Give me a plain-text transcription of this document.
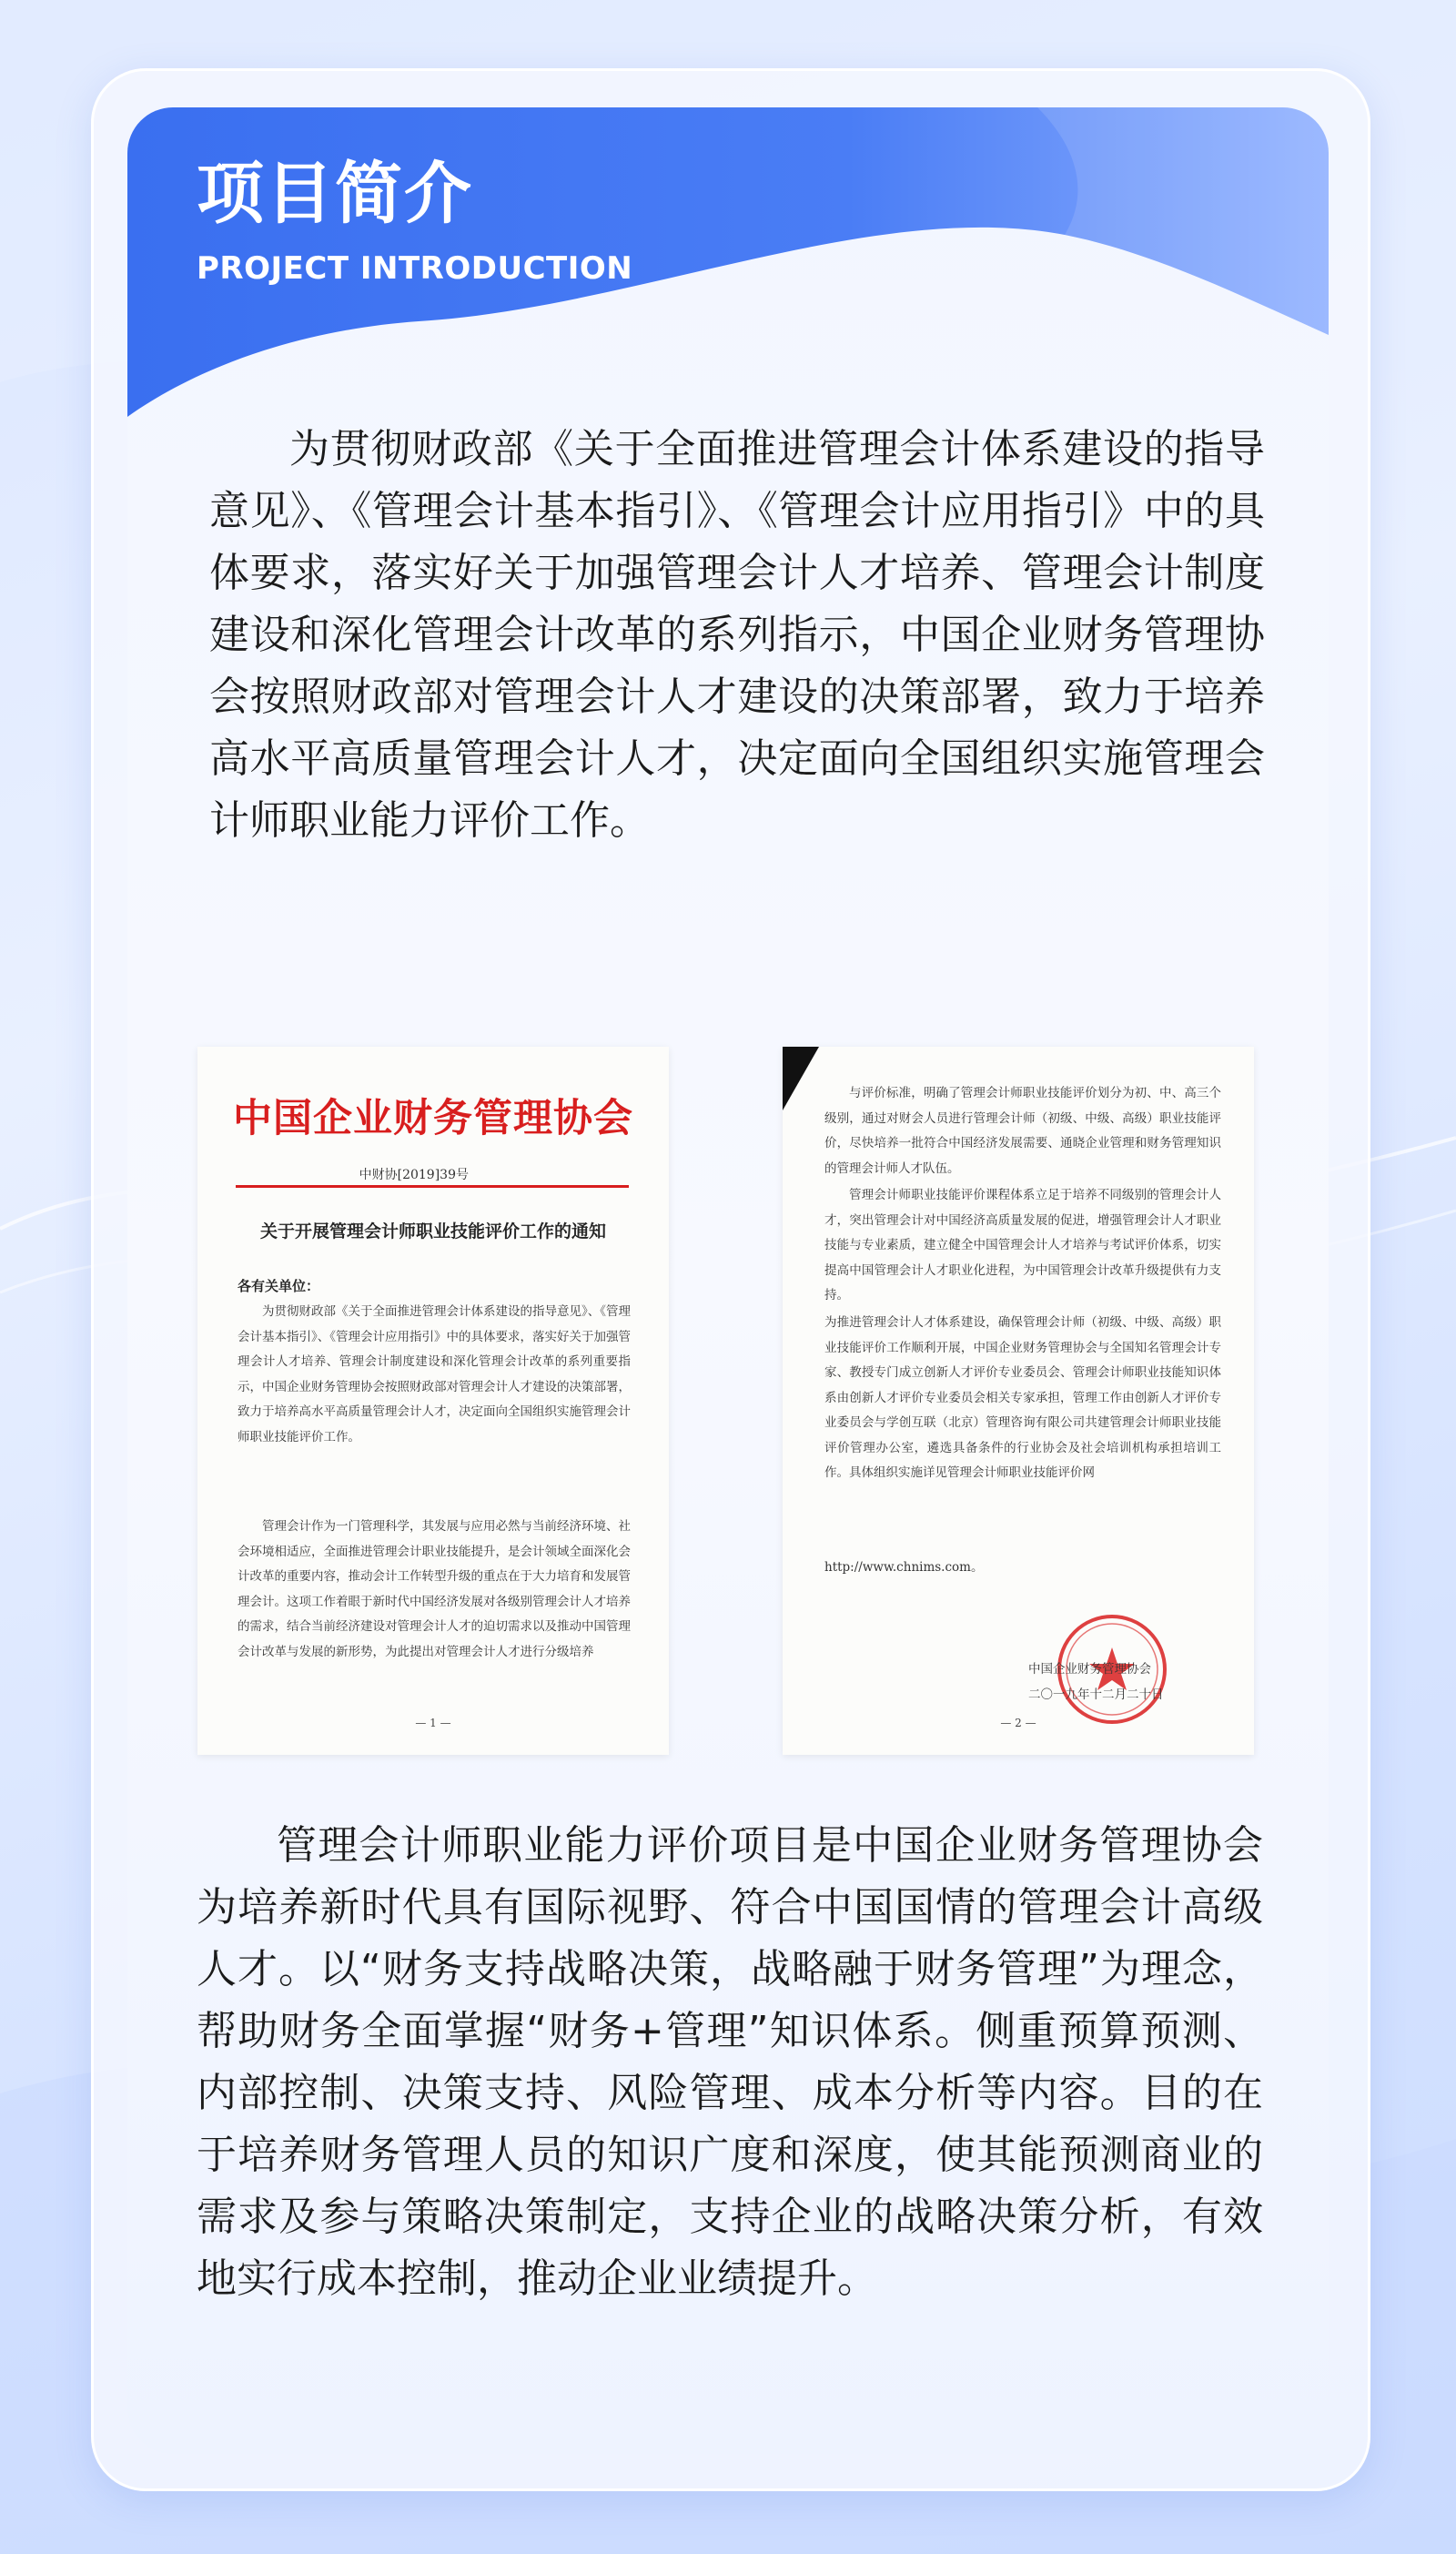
项目简介

PROJECT INTRODUCTION

为贯彻财政部《关于全面推进管理会计体系建设的指导意见》、《管理会计基本指引》、《管理会计应用指引》中的具体要求，落实好关于加强管理会计人才培养、管理会计制度建设和深化管理会计改革的系列指示，中国企业财务管理协会按照财政部对管理会计人才建设的决策部署，致力于培养高水平高质量管理会计人才，决定面向全国组织实施管理会计师职业能力评价工作。

中国企业财务管理协会

中财协[2019]39号

关于开展管理会计师职业技能评价工作的通知

各有关单位：

为贯彻财政部《关于全面推进管理会计体系建设的指导意见》、《管理会计基本指引》、《管理会计应用指引》中的具体要求，落实好关于加强管理会计人才培养、管理会计制度建设和深化管理会计改革的系列重要指示，中国企业财务管理协会按照财政部对管理会计人才建设的决策部署，致力于培养高水平高质量管理会计人才，决定面向全国组织实施管理会计师职业技能评价工作。

管理会计作为一门管理科学，其发展与应用必然与当前经济环境、社会环境相适应，全面推进管理会计职业技能提升，是会计领域全面深化会计改革的重要内容，推动会计工作转型升级的重点在于大力培育和发展管理会计。这项工作着眼于新时代中国经济发展对各级别管理会计人才培养的需求，结合当前经济建设对管理会计人才的迫切需求以及推动中国管理会计改革与发展的新形势，为此提出对管理会计人才进行分级培养

— 1 —

与评价标准，明确了管理会计师职业技能评价划分为初、中、高三个级别，通过对财会人员进行管理会计师（初级、中级、高级）职业技能评价，尽快培养一批符合中国经济发展需要、通晓企业管理和财务管理知识的管理会计师人才队伍。

管理会计师职业技能评价课程体系立足于培养不同级别的管理会计人才，突出管理会计对中国经济高质量发展的促进，增强管理会计人才职业技能与专业素质，建立健全中国管理会计人才培养与考试评价体系，切实提高中国管理会计人才职业化进程，为中国管理会计改革升级提供有力支持。

为推进管理会计人才体系建设，确保管理会计师（初级、中级、高级）职业技能评价工作顺利开展，中国企业财务管理协会与全国知名管理会计专家、教授专门成立创新人才评价专业委员会、管理会计师职业技能知识体系由创新人才评价专业委员会相关专家承担，管理工作由创新人才评价专业委员会与学创互联（北京）管理咨询有限公司共建管理会计师职业技能评价管理办公室，遴选具备条件的行业协会及社会培训机构承担培训工作。具体组织实施详见管理会计师职业技能评价网

http://www.chnims.com。

中国企业财务管理协会

二〇一九年十二月二十日

— 2 —

管理会计师职业能力评价项目是中国企业财务管理协会为培养新时代具有国际视野、符合中国国情的管理会计高级人才。以“财务支持战略决策，战略融于财务管理”为理念，帮助财务全面掌握“财务+管理”知识体系。侧重预算预测、内部控制、决策支持、风险管理、成本分析等内容。目的在于培养财务管理人员的知识广度和深度，使其能预测商业的需求及参与策略决策制定，支持企业的战略决策分析，有效地实行成本控制，推动企业业绩提升。
